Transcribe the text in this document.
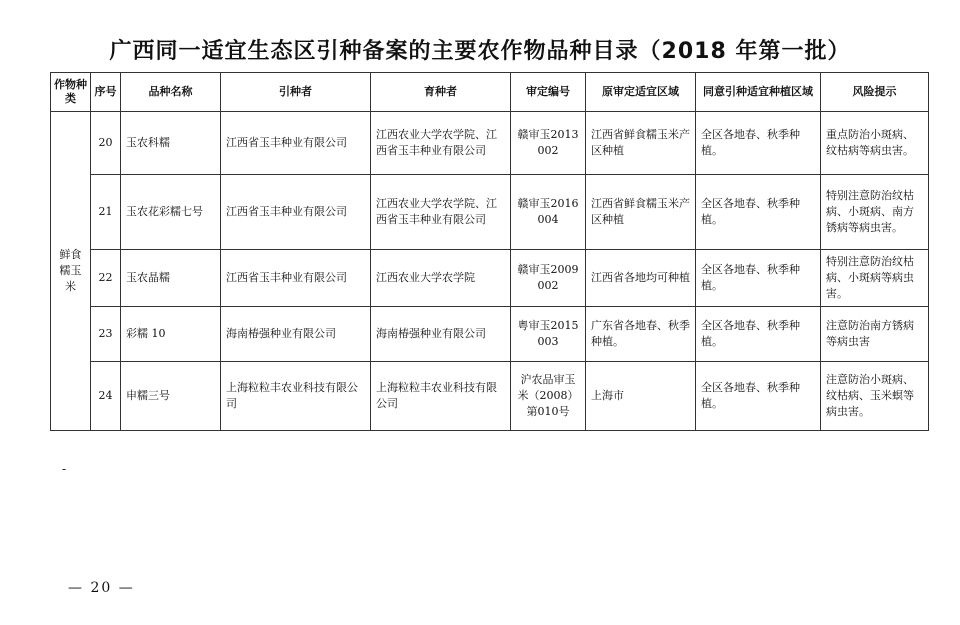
广西同一适宜生态区引种备案的主要农作物品种目录（2018 年第一批）
作物种类	序号	品种名称	引种者	育种者	审定编号	原审定适宜区域	同意引种适宜种植区域	风险提示
鲜食糯玉米	20	玉农科糯	江西省玉丰种业有限公司	江西农业大学农学院、江西省玉丰种业有限公司	赣审玉2013002	江西省鲜食糯玉米产区种植	全区各地春、秋季种植。	重点防治小斑病、纹枯病等病虫害。
	21	玉农花彩糯七号	江西省玉丰种业有限公司	江西农业大学农学院、江西省玉丰种业有限公司	赣审玉2016004	江西省鲜食糯玉米产区种植	全区各地春、秋季种植。	特别注意防治纹枯病、小斑病、南方锈病等病虫害。
	22	玉农晶糯	江西省玉丰种业有限公司	江西农业大学农学院	赣审玉2009002	江西省各地均可种植	全区各地春、秋季种植。	特别注意防治纹枯病、小斑病等病虫害。
	23	彩糯 10	海南椿强种业有限公司	海南椿强种业有限公司	粤审玉2015003	广东省各地春、秋季种植。	全区各地春、秋季种植。	注意防治南方锈病等病虫害
	24	申糯三号	上海粒粒丰农业科技有限公司	上海粒粒丰农业科技有限公司	沪农品审玉米（2008）第010号	上海市	全区各地春、秋季种植。	注意防治小斑病、纹枯病、玉米螟等病虫害。
-
— 20 —
